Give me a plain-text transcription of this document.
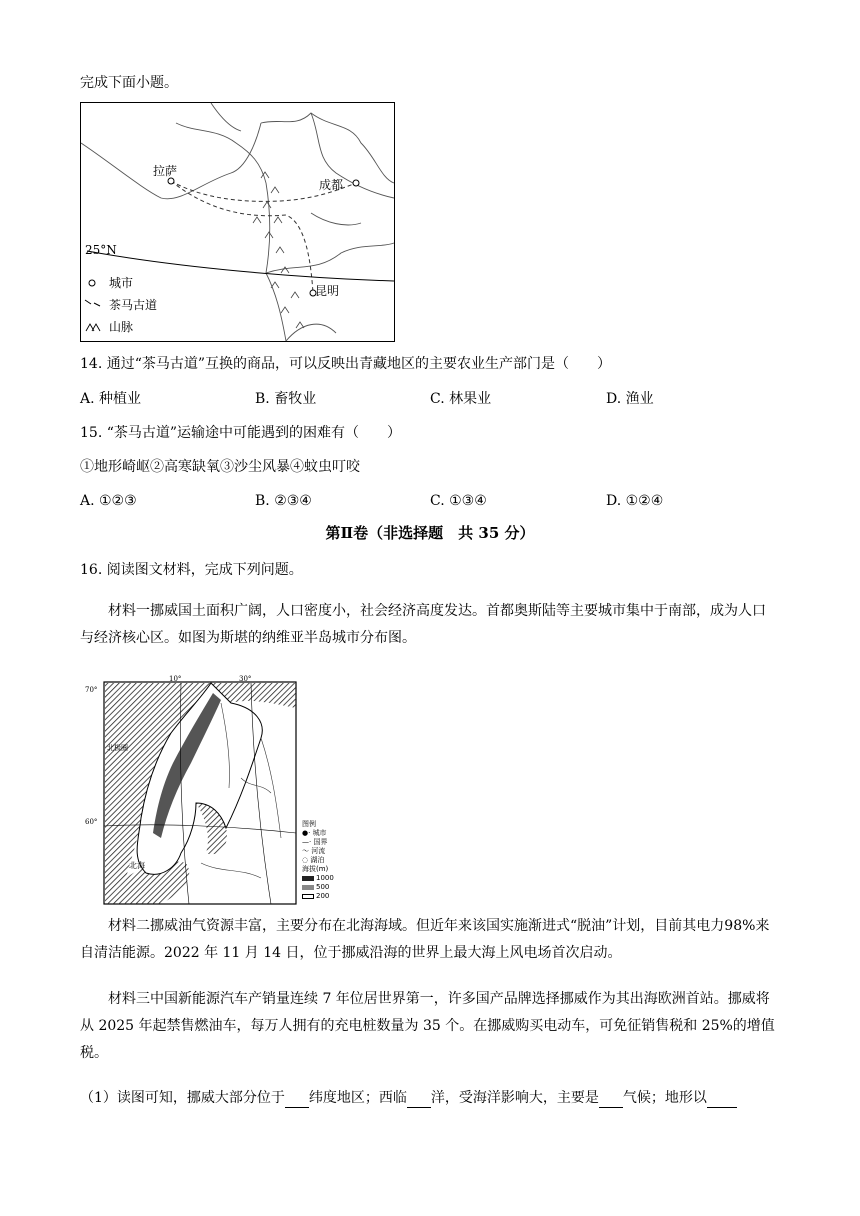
完成下面小题。
拉萨
成都
昆明
25°N
城市
茶马古道
山脉
14. 通过“茶马古道”互换的商品，可以反映出青藏地区的主要农业生产部门是（　　）
A. 种植业	B. 畜牧业	C. 林果业	D. 渔业
15. “茶马古道”运输途中可能遇到的困难有（　　）
①地形崎岖②高寒缺氧③沙尘风暴④蚊虫叮咬
A. ①②③	B. ②③④	C. ①③④	D. ①②④
第Ⅱ卷（非选择题　共 35 分）
16. 阅读图文材料，完成下列问题。
材料一挪威国土面积广阔，人口密度小，社会经济高度发达。首都奥斯陆等主要城市集中于南部，成为人口与经济核心区。如图为斯堪的纳维亚半岛城市分布图。
10°	30°
70°
60°
北极圈
北海
图例
●· 城市
—· 国界
～ 河流
◌ 湖泊
海拔(m)
1000
500
200
材料二挪威油气资源丰富，主要分布在北海海域。但近年来该国实施渐进式“脱油”计划，目前其电力98%来自清洁能源。2022 年 11 月 14 日，位于挪威沿海的世界上最大海上风电场首次启动。
材料三中国新能源汽车产销量连续 7 年位居世界第一，许多国产品牌选择挪威作为其出海欧洲首站。挪威将从 2025 年起禁售燃油车，每万人拥有的充电桩数量为 35 个。在挪威购买电动车，可免征销售税和 25%的增值税。
（1）读图可知，挪威大部分位于 纬度地区；西临 洋，受海洋影响大，主要是 气候；地形以
